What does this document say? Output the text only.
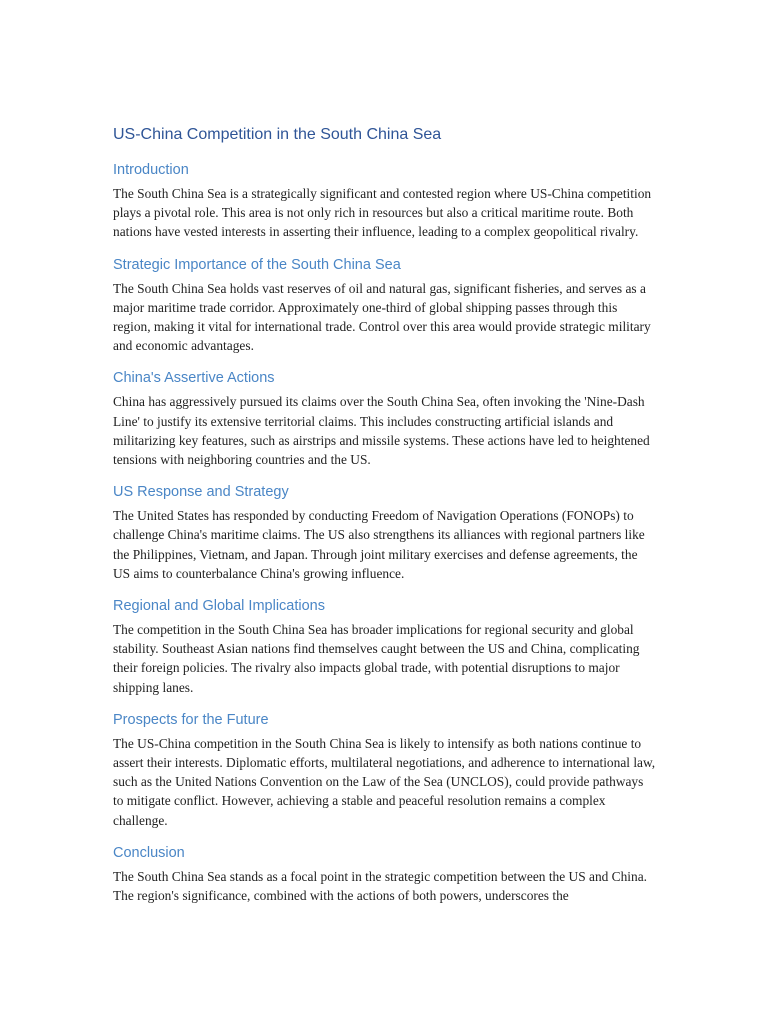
US-China Competition in the South China Sea
Introduction

The South China Sea is a strategically significant and contested region where US-China competition plays a pivotal role. This area is not only rich in resources but also a critical maritime route. Both nations have vested interests in asserting their influence, leading to a complex geopolitical rivalry.

Strategic Importance of the South China Sea

The South China Sea holds vast reserves of oil and natural gas, significant fisheries, and serves as a major maritime trade corridor. Approximately one-third of global shipping passes through this region, making it vital for international trade. Control over this area would provide strategic military and economic advantages.

China's Assertive Actions

China has aggressively pursued its claims over the South China Sea, often invoking the 'Nine-Dash Line' to justify its extensive territorial claims. This includes constructing artificial islands and militarizing key features, such as airstrips and missile systems. These actions have led to heightened tensions with neighboring countries and the US.

US Response and Strategy

The United States has responded by conducting Freedom of Navigation Operations (FONOPs) to challenge China's maritime claims. The US also strengthens its alliances with regional partners like the Philippines, Vietnam, and Japan. Through joint military exercises and defense agreements, the US aims to counterbalance China's growing influence.

Regional and Global Implications

The competition in the South China Sea has broader implications for regional security and global stability. Southeast Asian nations find themselves caught between the US and China, complicating their foreign policies. The rivalry also impacts global trade, with potential disruptions to major shipping lanes.

Prospects for the Future

The US-China competition in the South China Sea is likely to intensify as both nations continue to assert their interests. Diplomatic efforts, multilateral negotiations, and adherence to international law, such as the United Nations Convention on the Law of the Sea (UNCLOS), could provide pathways to mitigate conflict. However, achieving a stable and peaceful resolution remains a complex challenge.

Conclusion

The South China Sea stands as a focal point in the strategic competition between the US and China. The region's significance, combined with the actions of both powers, underscores the
